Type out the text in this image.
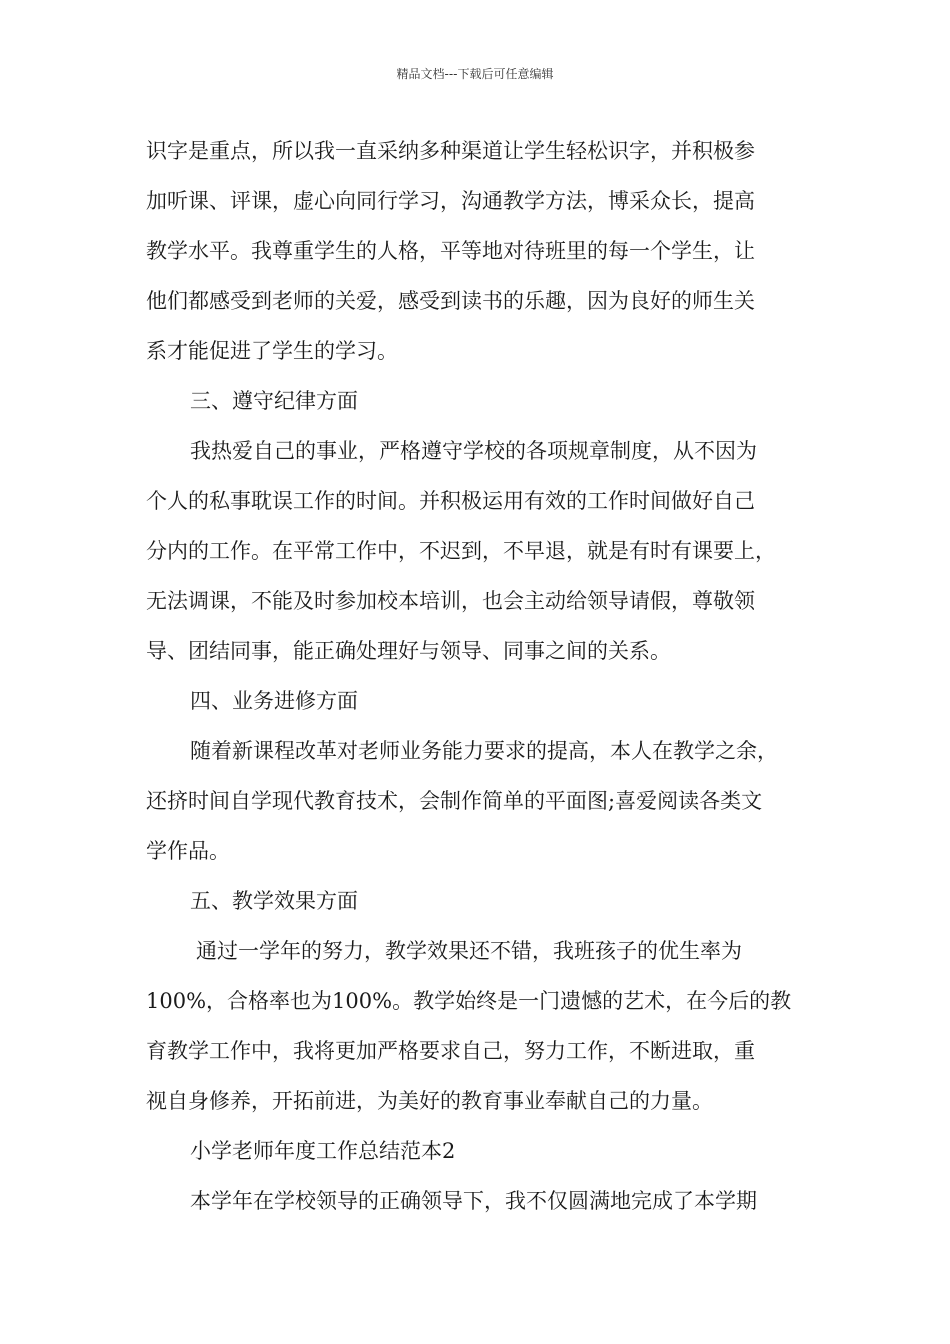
精品文档---下载后可任意编辑
识字是重点，所以我一直采纳多种渠道让学生轻松识字，并积极参
加听课、评课，虚心向同行学习，沟通教学方法，博采众长，提高
教学水平。我尊重学生的人格，平等地对待班里的每一个学生，让
他们都感受到老师的关爱，感受到读书的乐趣，因为良好的师生关
系才能促进了学生的学习。
三、遵守纪律方面
我热爱自己的事业，严格遵守学校的各项规章制度，从不因为
个人的私事耽误工作的时间。并积极运用有效的工作时间做好自己
分内的工作。在平常工作中，不迟到，不早退，就是有时有课要上，
无法调课，不能及时参加校本培训，也会主动给领导请假，尊敬领
导、团结同事，能正确处理好与领导、同事之间的关系。
四、业务进修方面
随着新课程改革对老师业务能力要求的提高，本人在教学之余，
还挤时间自学现代教育技术，会制作简单的平面图;喜爱阅读各类文
学作品。
五、教学效果方面
通过一学年的努力，教学效果还不错，我班孩子的优生率为
100%，合格率也为100%。教学始终是一门遗憾的艺术，在今后的教
育教学工作中，我将更加严格要求自己，努力工作，不断进取，重
视自身修养，开拓前进，为美好的教育事业奉献自己的力量。
小学老师年度工作总结范本2
本学年在学校领导的正确领导下，我不仅圆满地完成了本学期
